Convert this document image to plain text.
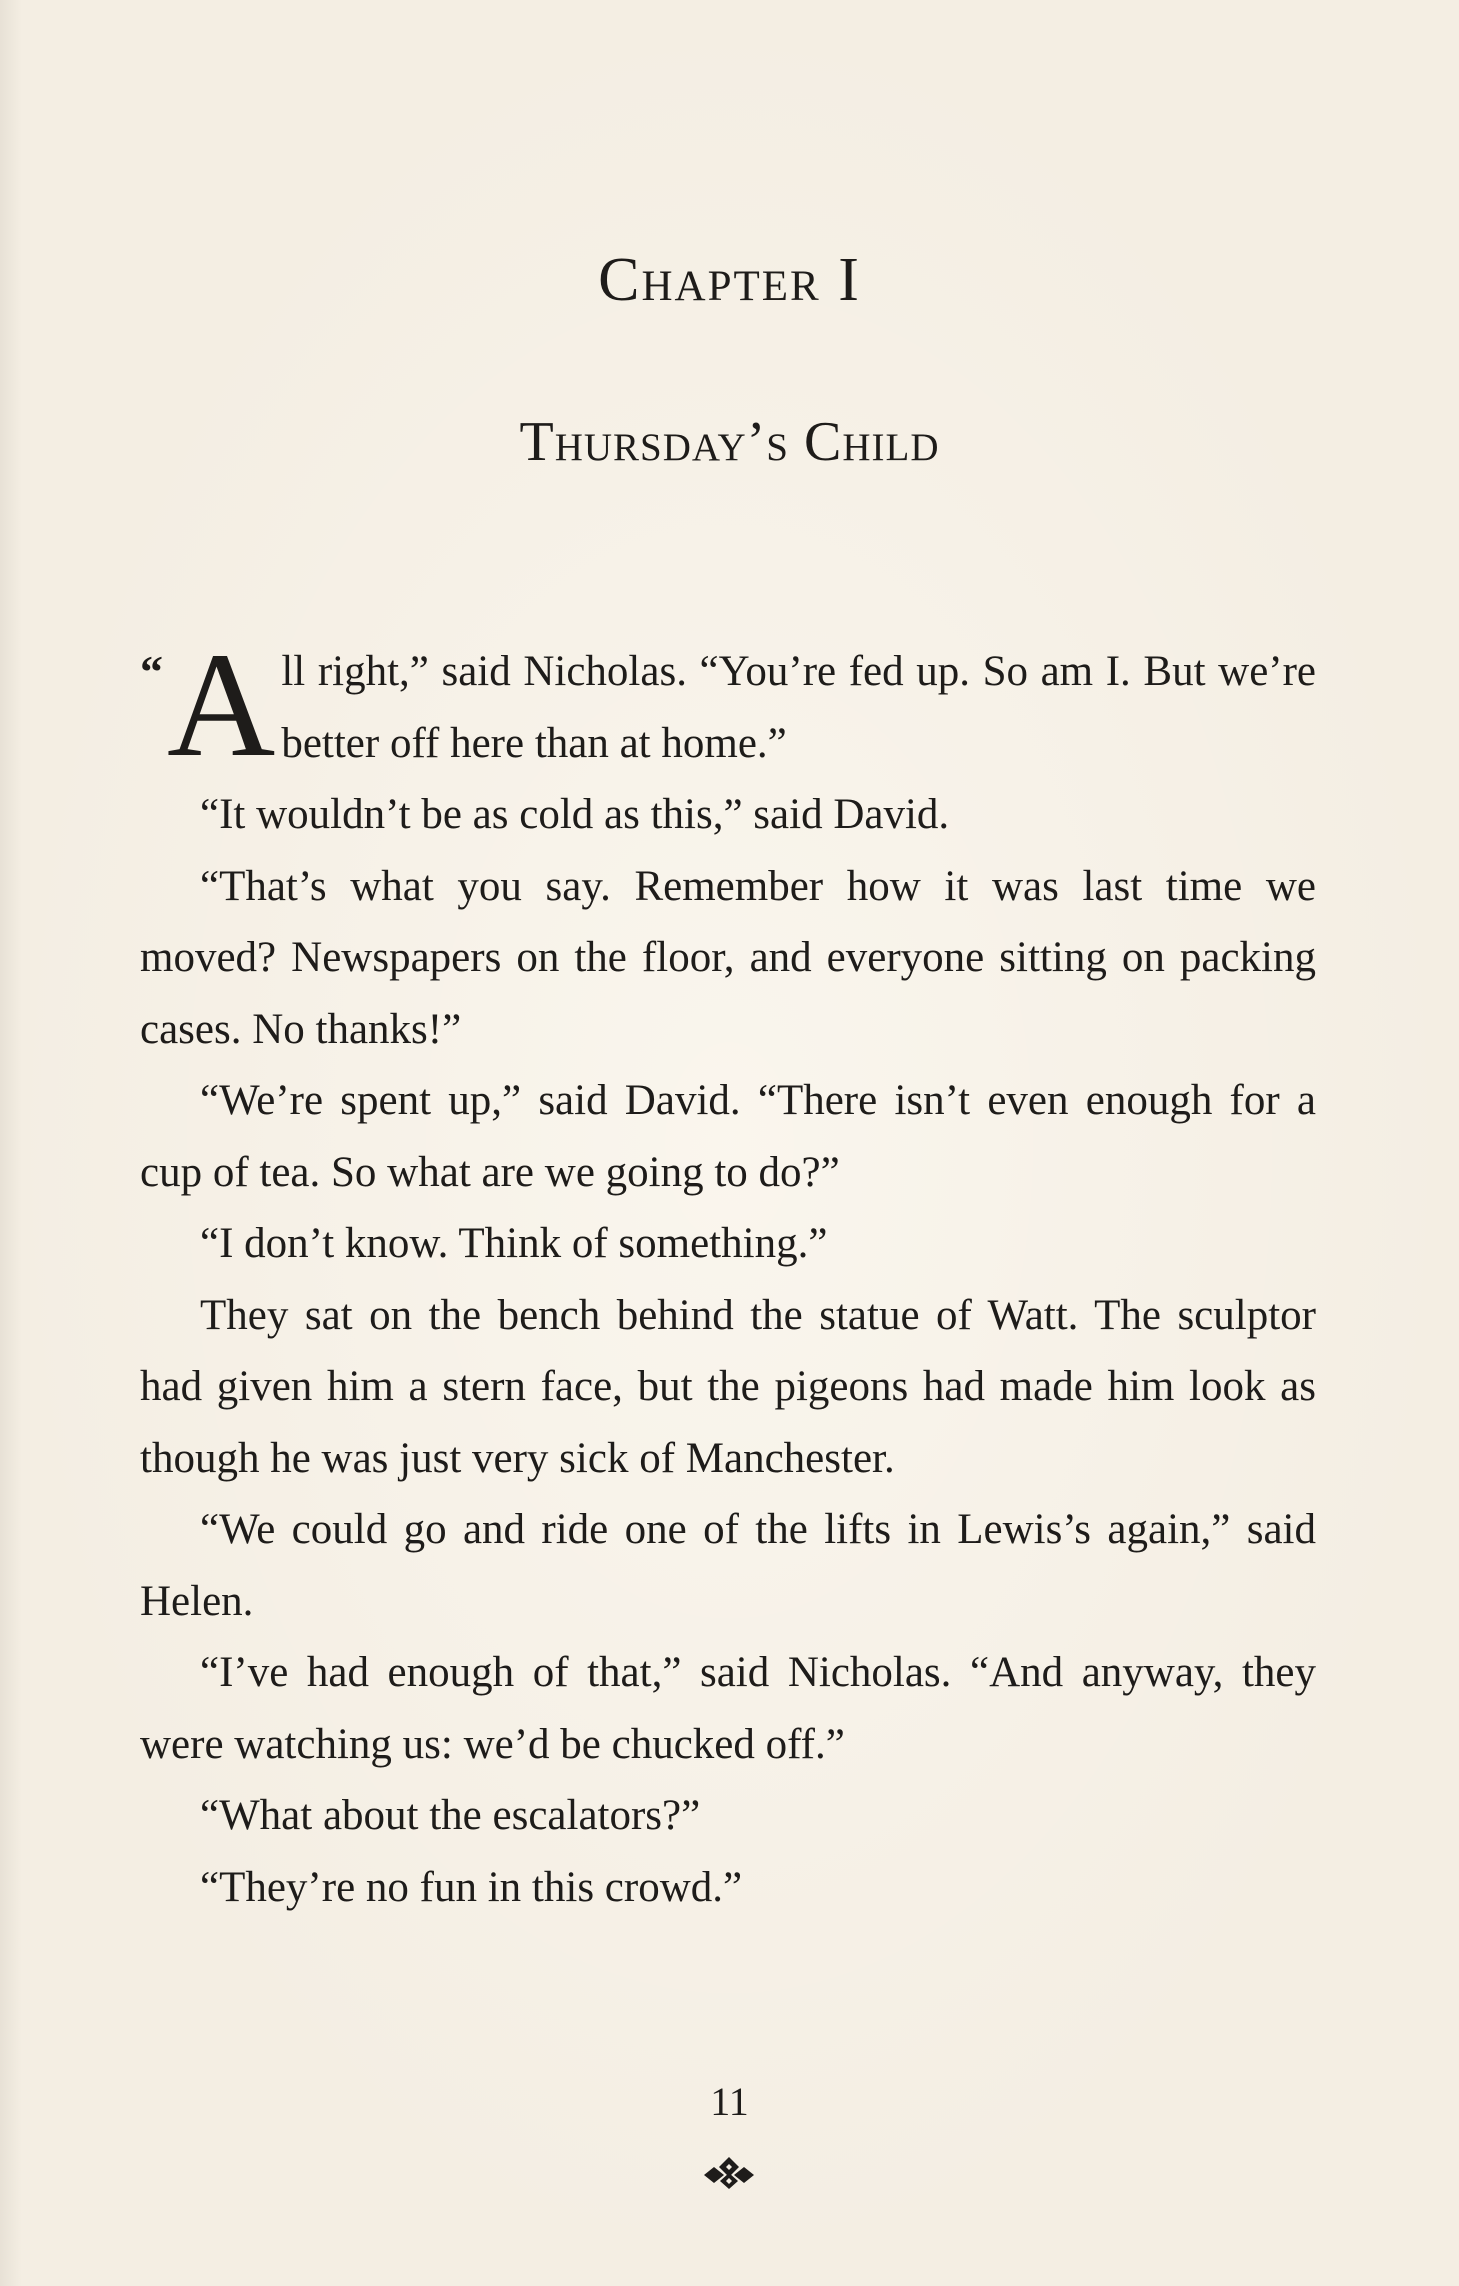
Chapter I
Thursday’s Child

“ A ll right,” said Nicholas. “You’re fed up. So am I. But we’re better off here than at home.”

“It wouldn’t be as cold as this,” said David.

“That’s what you say. Remember how it was last time we moved? Newspapers on the floor, and everyone sitting on packing cases. No thanks!”

“We’re spent up,” said David. “There isn’t even enough for a cup of tea. So what are we going to do?”

“I don’t know. Think of something.”

They sat on the bench behind the statue of Watt. The sculptor had given him a stern face, but the pigeons had made him look as though he was just very sick of Manchester.

“We could go and ride one of the lifts in Lewis’s again,” said Helen.

“I’ve had enough of that,” said Nicholas. “And anyway, they were watching us: we’d be chucked off.”

“What about the escalators?”

“They’re no fun in this crowd.”

11
